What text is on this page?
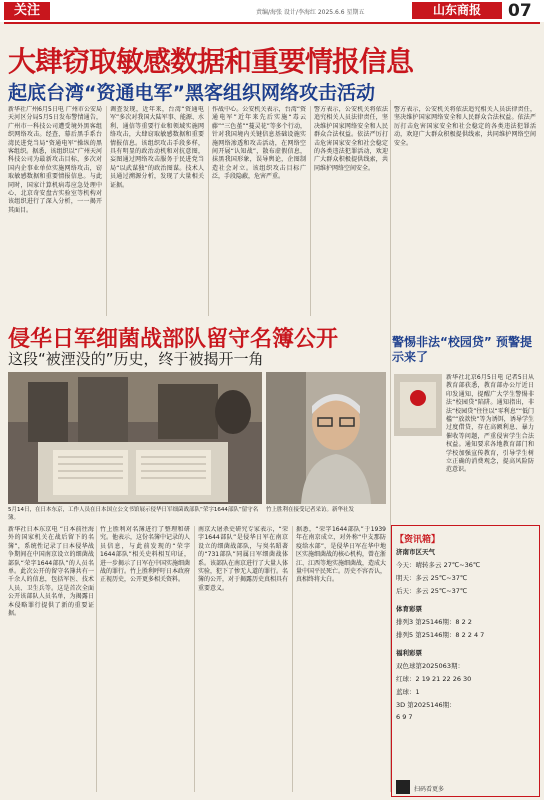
关注	责编/海张 设计/李海红 2025.6.6 星期五	山东商报	07
大肆窃取敏感数据和重要情报信息
起底台湾“资通电军”黑客组织网络攻击活动
新华社广州6月5日电 广州市公安局天河区分局5月5日发布警情通告，广州市一科技公司遭受境外黑客组织网络攻击。经查，幕后黑手系台湾民进党当局“资通电军”操纵的黑客组织。据悉，该组织以“广州天河科技公司为最新攻击目标，多次对国内企事业单位实施网络攻击，窃取敏感数据和重要情报信息。与此同时，国家计算机病毒应急处理中心、北京奇安盘古实验室等机构对该组织进行了深入分析，一一揭开其面目。
调查发现，近年来，台湾“资通电军”多次对我国大陆军事、能源、水利、通信等重要行业和领域实施网络攻击，大肆窃取敏感数据和重要情报信息。该组织攻击手段多样，具有明显的政治动机和对抗意图，妄图通过网络攻击服务于民进党当局“以武谋独”的政治图谋。技术人员通过溯源分析，发现了大量相关证据。
作战中心。公安机关表示，台湾“资通电军”近年来先后实施“毒云藤”“三色堇”“蔓灵花”等多个行动，针对我国境内关键信息基础设施实施网络渗透和攻击活动，在网络空间开展“认知战”，散布虚假信息，抹黑我国形象，误导舆论，企图制造社会对立。该组织攻击目标广泛，手段隐蔽，危害严重。
警方表示，公安机关将依法追究相关人员法律责任，坚决维护国家网络安全和人民群众合法权益。依法严厉打击危害国家安全和社会稳定的各类违法犯罪活动，欢迎广大群众积极提供线索，共同维护网络空间安全。
警方表示，公安机关将依法追究相关人员法律责任，坚决维护国家网络安全和人民群众合法权益。依法严厉打击危害国家安全和社会稳定的各类违法犯罪活动，欢迎广大群众积极提供线索，共同维护网络空间安全。
侵华日军细菌战部队留守名簿公开
这段“被湮没的”历史，终于被揭开一角
5月14日，在日本东京，工作人员在日本国立公文书馆展示侵华日军细菌战部队“荣字1644部队”留守名簿。
竹上胜利在接受记者采访。新华社发
新华社日本东京电 “日本前往海外的国家机关在战后留下的名簿”，系统性记录了日本侵华战争期间在中国南京设立的细菌战部队“荣字1644部队”的人员名单。此次公开的留守名簿共有一千余人的信息，包括军医、技术人员、卫生兵等。这是首次全面公开该部队人员名单，为揭露日本侵略罪行提供了新的重要证据。
竹上胜利对名簿进行了整理和研究。他表示，这份名簿中记录的人员信息，与此前发现的“荣字1644部队”相关史料相互印证，进一步揭示了日军在中国实施细菌战的罪行。竹上胜利呼吁日本政府正视历史，公开更多相关资料。
南京大屠杀史研究专家表示，“荣字1644部队”是侵华日军在南京设立的细菌战部队，与臭名昭著的“731部队”同属日军细菌战体系。该部队在南京进行了大量人体实验，犯下了惨无人道的罪行。名簿的公开，对于揭露历史真相具有重要意义。
据悉，“荣字1644部队”于1939年在南京成立，对外称“中支那防疫给水部”，是侵华日军在华中地区实施细菌战的核心机构，曾在浙江、江西等地实施细菌战，造成大量中国平民死亡。历史不容否认，真相终将大白。
警惕非法“校园贷” 预警提示来了
新华社北京6月5日电 记者5日从教育部获悉，教育部办公厅近日印发通知，提醒广大学生警惕非法“校园贷”陷阱。通知指出，非法“校园贷”往往以“零利息”“低门槛”“放款快”等为诱饵，诱导学生过度借贷，存在高额利息、暴力催收等问题，严重侵害学生合法权益。通知要求各地教育部门和学校加强宣传教育，引导学生树立正确的消费观念，提高风险防范意识。
【资讯箱】
济南市区天气
今天：晴转多云 27℃~36℃
明天：多云 25℃~37℃
后天：多云 25℃~37℃
体育彩票
排列3 第25146期：8 2 2
排列5 第25146期：8 2 2 4 7
福利彩票
双色球第2025063期：
红球：2 19 21 22 26 30
蓝球：1
3D 第2025146期：
6 9 7
扫码看更多
